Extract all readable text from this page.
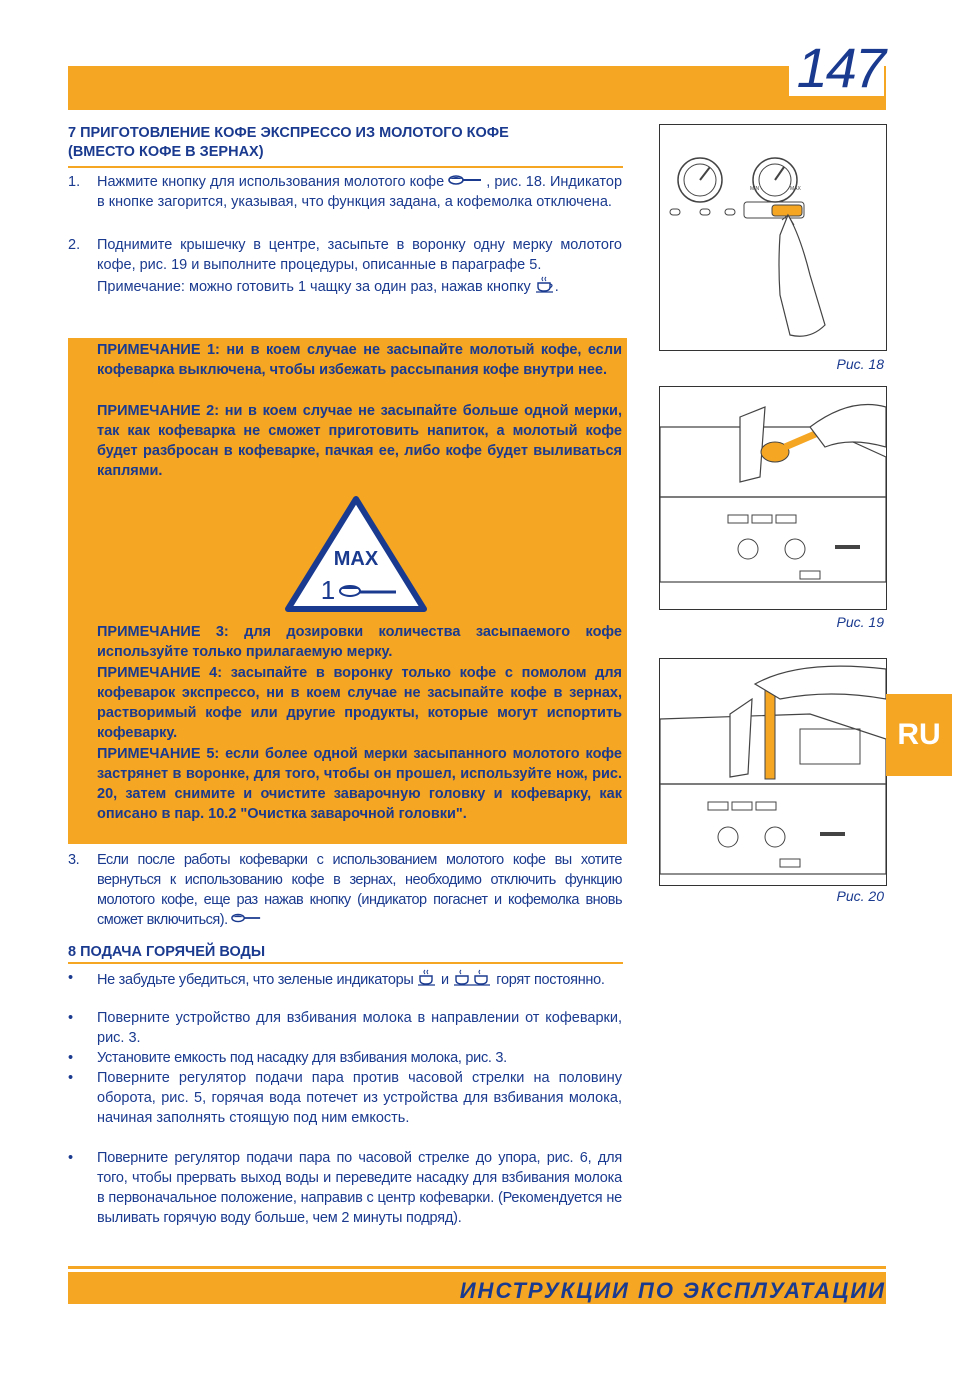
147
7 ПРИГОТОВЛЕНИЕ КОФЕ ЭКСПРЕССО ИЗ МОЛОТОГО КОФЕ
(ВМЕСТО КОФЕ В ЗЕРНАХ)
1. Нажмите кнопку для использования молотого кофе	, рис. 18. Индикатор в кнопке загорится, указывая, что функция задана, а кофемолка отключена.
2. Поднимите крышечку в центре, засыпьте в воронку одну мерку молотого кофе, рис. 19 и выполните процедуры, описанные в параграфе 5.
Примечание: можно готовить 1 чащку за один раз, нажав кнопку .
ПРИМЕЧАНИЕ 1: ни в коем случае не засыпайте молотый кофе, если кофеварка выключена, чтобы избежать рассыпания кофе внутри нее.
ПРИМЕЧАНИЕ 2: ни в коем случае не засыпайте больше одной мерки, так как кофеварка не сможет приготовить напиток, а молотый кофе будет разбросан в кофеварке, пачкая ее, либо кофе будет выливаться каплями.
MAX
1
ПРИМЕЧАНИЕ 3: для дозировки количества засыпаемого кофе используйте только прилагаемую мерку.
ПРИМЕЧАНИЕ 4: засыпайте в воронку только кофе с помолом для кофеварок экспрессо, ни в коем случае не засыпайте кофе в зернах, растворимый кофе или другие продукты, которые могут испортить кофеварку.
ПРИМЕЧАНИЕ 5: если более одной мерки засыпанного молотого кофе застрянет в воронке, для того, чтобы он прошел, используйте нож, рис. 20, затем снимите и очистите заварочную головку и кофеварку, как описано в пар. 10.2 "Очистка заварочной головки".
3. Если после работы кофеварки с использованием молотого кофе вы хотите вернуться к использованию кофе в зернах, необходимо отключить функцию молотого кофе, еще раз нажав кнопку (индикатор погаснет и кофемолка вновь сможет включиться).
8 ПОДАЧА ГОРЯЧЕЙ ВОДЫ
• Не забудьте убедиться, что зеленые индикаторы и	горят постоянно.
• Поверните устройство для взбивания молока в направлении от кофеварки, рис. 3.
• Установите емкость под насадку для взбивания молока, рис. 3.
• Поверните регулятор подачи пара против часовой стрелки на половину оборота, рис. 5, горячая вода потечет из устройства для взбивания молока, начиная заполнять стоящую под ним емкость.
• Поверните регулятор подачи пара по часовой стрелке до упора, рис. 6, для того, чтобы прервать выход воды и переведите насадку для взбивания молока в первоначальное положение, направив с центр кофеварки. (Рекомендуется не выливать горячую воду больше, чем 2 минуты подряд).
MIN	MAX
Рис. 18
Рис. 19
Рис. 20
RU
ИНСТРУКЦИИ ПО ЭКСПЛУАТАЦИИ
